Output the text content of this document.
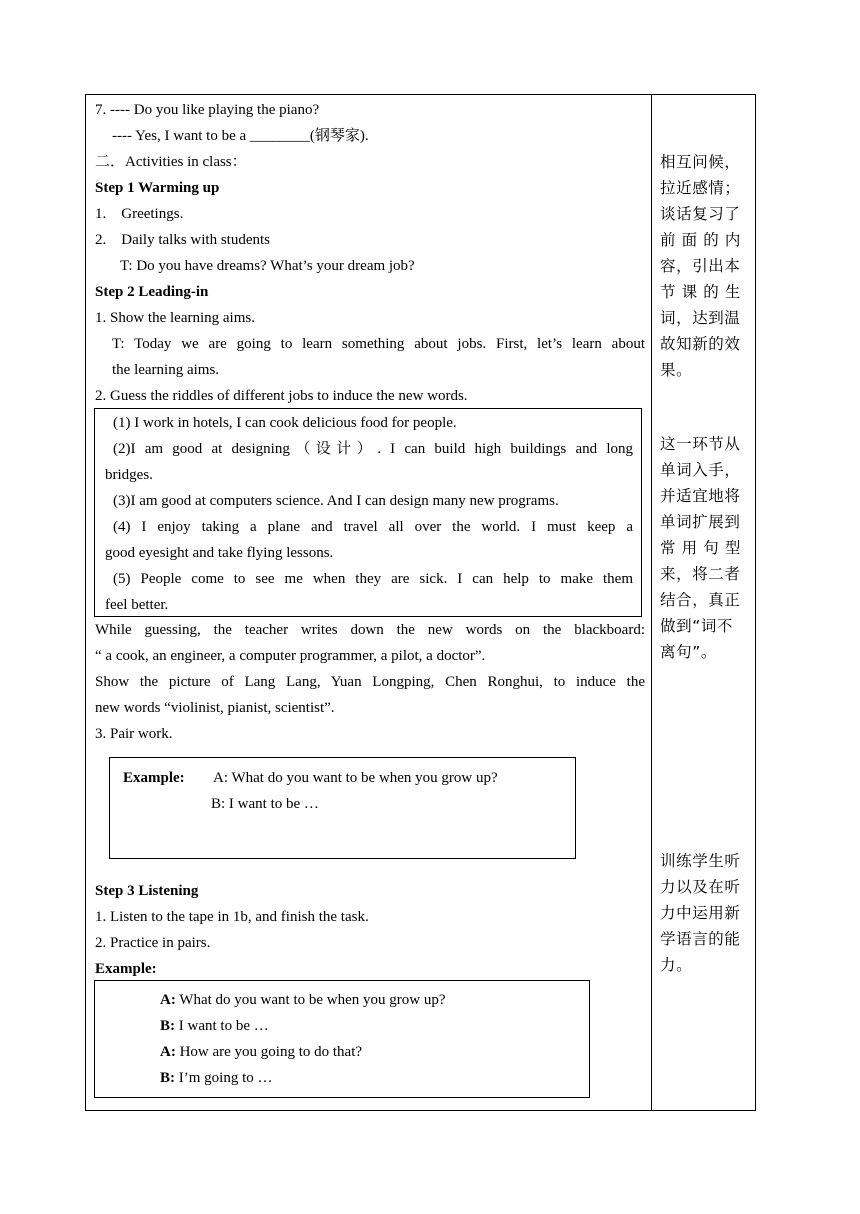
7. ---- Do you like playing the piano?
---- Yes, I want to be a ________(钢琴家).
二．Activities in class：
Step 1 Warming up
1.    Greetings.
2.    Daily talks with students
T: Do you have dreams? What’s your dream job?
Step 2 Leading-in
1. Show the learning aims.
T: Today we are going to learn something about jobs. First, let’s learn about
the learning aims.
2. Guess the riddles of different jobs to induce the new words.
(1) I work in hotels, I can cook delicious food for people.
(2)I am good at designing（设计）. I can build high buildings and long
bridges.
(3)I am good at computers science. And I can design many new programs.
(4) I enjoy taking a plane and travel all over the world. I must keep a
good eyesight and take flying lessons.
(5) People come to see me when they are sick. I can help to make them
feel better.
While guessing, the teacher writes down the new words on the blackboard:
“ a cook, an engineer, a computer programmer, a pilot, a doctor”.
Show the picture of Lang Lang, Yuan Longping, Chen Ronghui, to induce the
new words “violinist, pianist, scientist”.
3. Pair work.
Example: A: What do you want to be when you grow up?
B: I want to be …
Step 3 Listening
1. Listen to the tape in 1b, and finish the task.
2. Practice in pairs.
Example:
A: What do you want to be when you grow up?
B: I want to be …
A: How are you going to do that?
B: I’m going to …
相互问候，
拉近感情；
谈话复习了
前 面 的 内
容，引出本
节 课 的 生
词，达到温
故知新的效
果。
这一环节从
单词入手，
并适宜地将
单词扩展到
常 用 句 型
来，将二者
结合，真正
做到“词不
离句”。
训练学生听
力以及在听
力中运用新
学语言的能
力。
